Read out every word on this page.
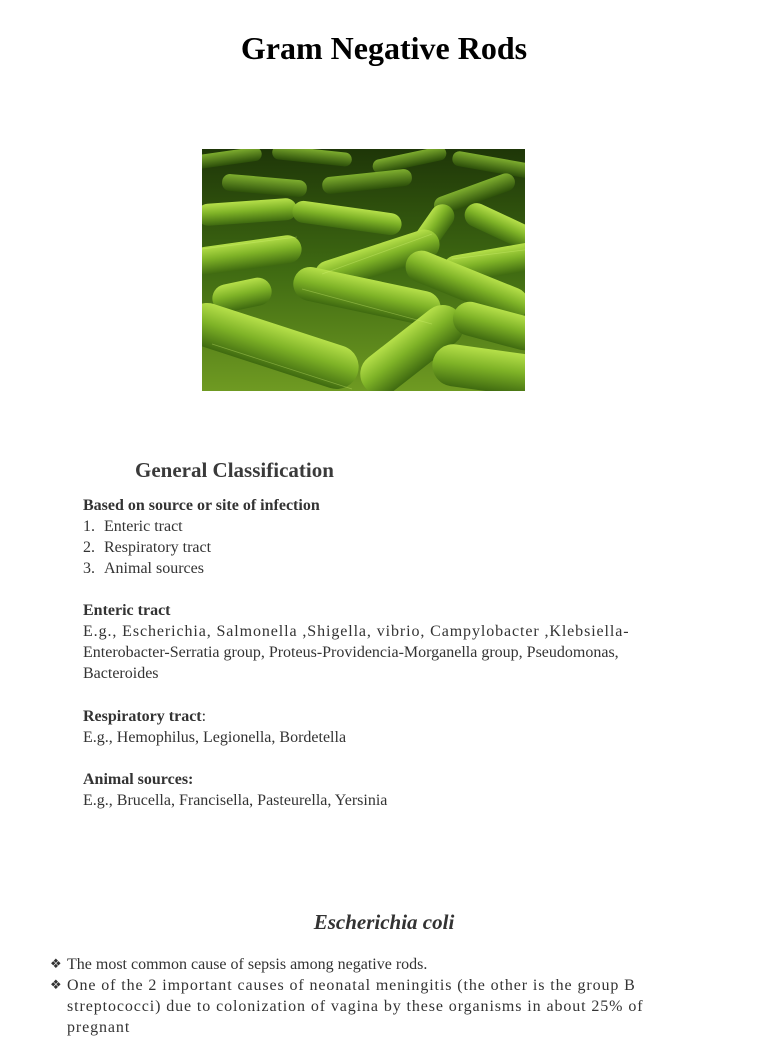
Gram Negative Rods
General Classification
Based on source or site of infection
1. Enteric tract
2. Respiratory tract
3. Animal sources
Enteric tract
E.g., Escherichia, Salmonella ,Shigella, vibrio, Campylobacter ,Klebsiella-
Enterobacter-Serratia group, Proteus-Providencia-Morganella group, Pseudomonas,
Bacteroides
Respiratory tract:
E.g., Hemophilus, Legionella, Bordetella
Animal sources:
E.g., Brucella, Francisella, Pasteurella, Yersinia
Escherichia coli
❖ The most common cause of sepsis among negative rods.
❖ One of the 2 important causes of neonatal meningitis (the other is the group B streptococci) due to colonization of vagina by these organisms in about 25% of pregnant
